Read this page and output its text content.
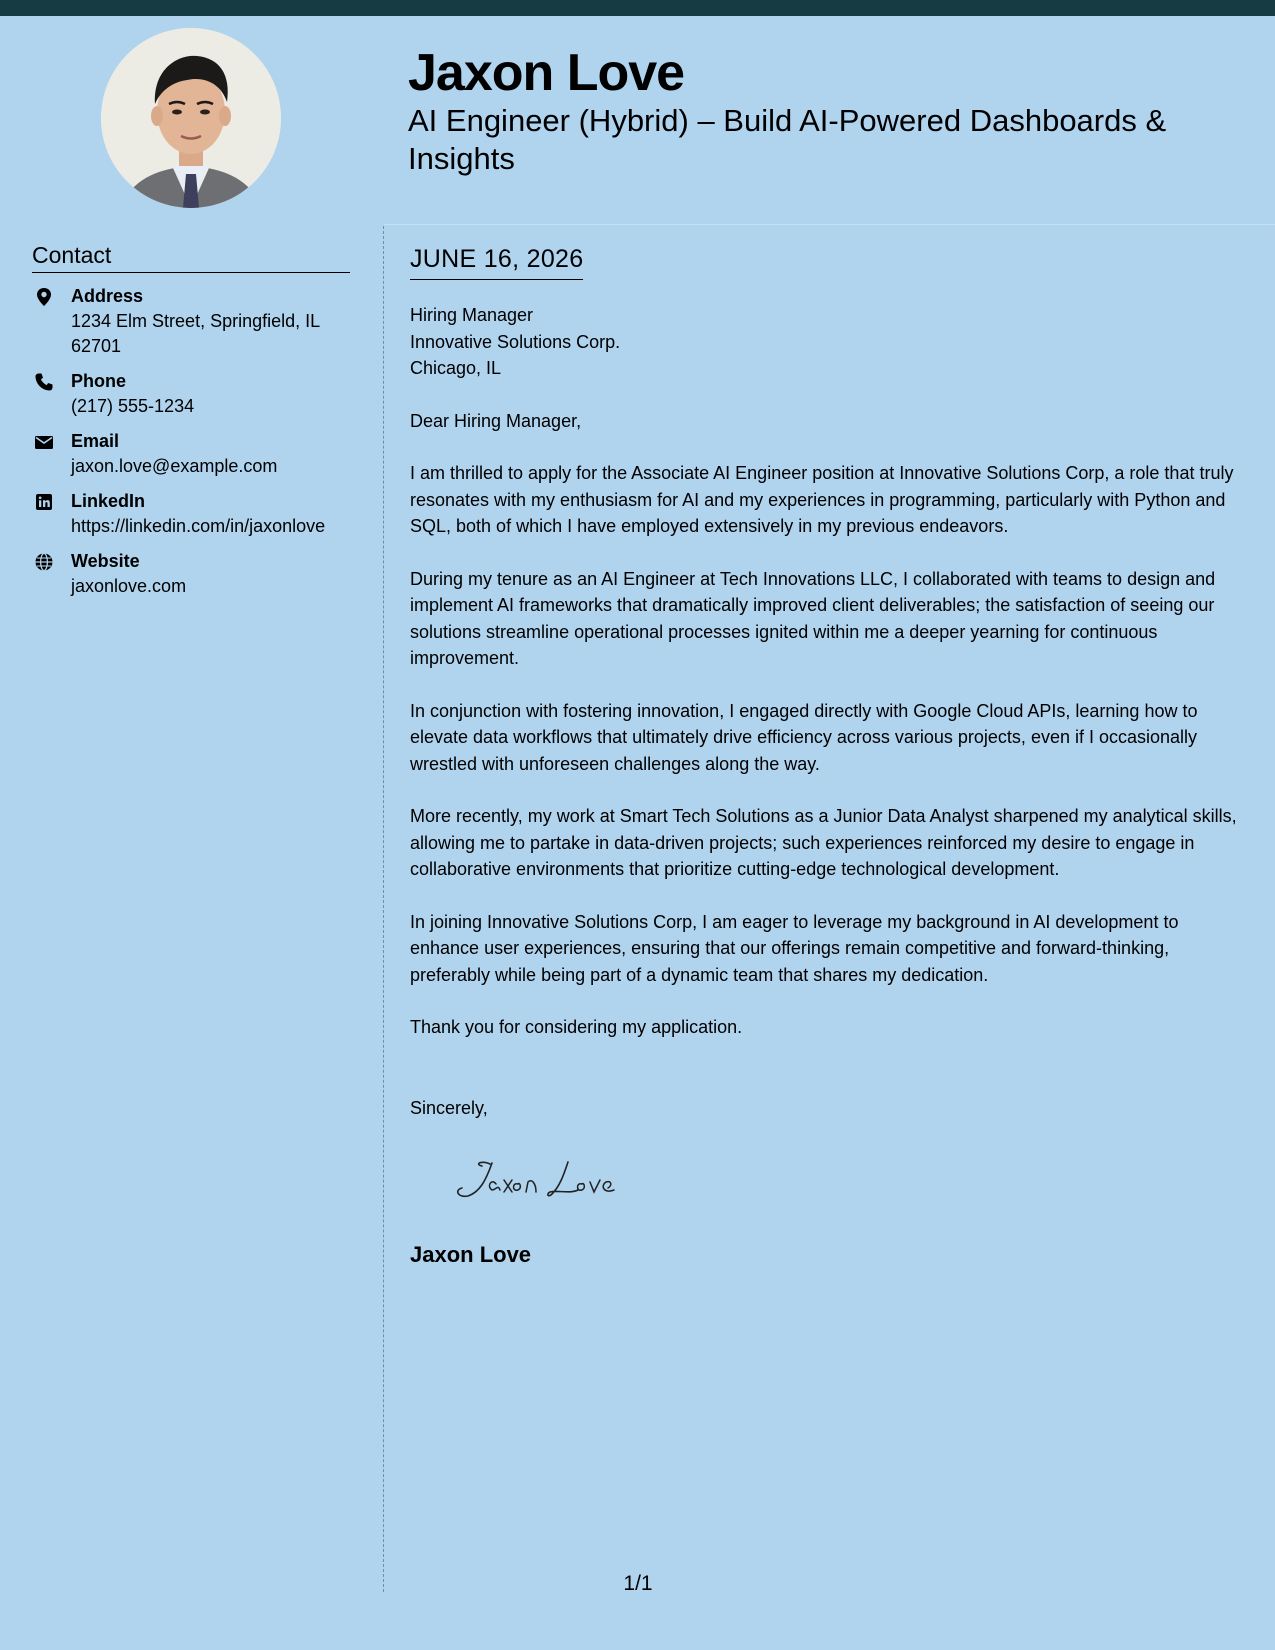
Jaxon Love
AI Engineer (Hybrid) – Build AI-Powered Dashboards & Insights
Contact
Address
1234 Elm Street, Springfield, IL 62701
Phone
(217) 555-1234
Email
jaxon.love@example.com
LinkedIn
https://linkedin.com/in/jaxonlove
Website
jaxonlove.com
JUNE 16, 2026

Hiring Manager
Innovative Solutions Corp.
Chicago, IL

Dear Hiring Manager,

I am thrilled to apply for the Associate AI Engineer position at Innovative Solutions Corp, a role that truly resonates with my enthusiasm for AI and my experiences in programming, particularly with Python and SQL, both of which I have employed extensively in my previous endeavors.

During my tenure as an AI Engineer at Tech Innovations LLC, I collaborated with teams to design and implement AI frameworks that dramatically improved client deliverables; the satisfaction of seeing our solutions streamline operational processes ignited within me a deeper yearning for continuous improvement.

In conjunction with fostering innovation, I engaged directly with Google Cloud APIs, learning how to elevate data workflows that ultimately drive efficiency across various projects, even if I occasionally wrestled with unforeseen challenges along the way.

More recently, my work at Smart Tech Solutions as a Junior Data Analyst sharpened my analytical skills, allowing me to partake in data-driven projects; such experiences reinforced my desire to engage in collaborative environments that prioritize cutting-edge technological development.

In joining Innovative Solutions Corp, I am eager to leverage my background in AI development to enhance user experiences, ensuring that our offerings remain competitive and forward-thinking, preferably while being part of a dynamic team that shares my dedication.

Thank you for considering my application.

Sincerely,
Jaxon Love
1/1
